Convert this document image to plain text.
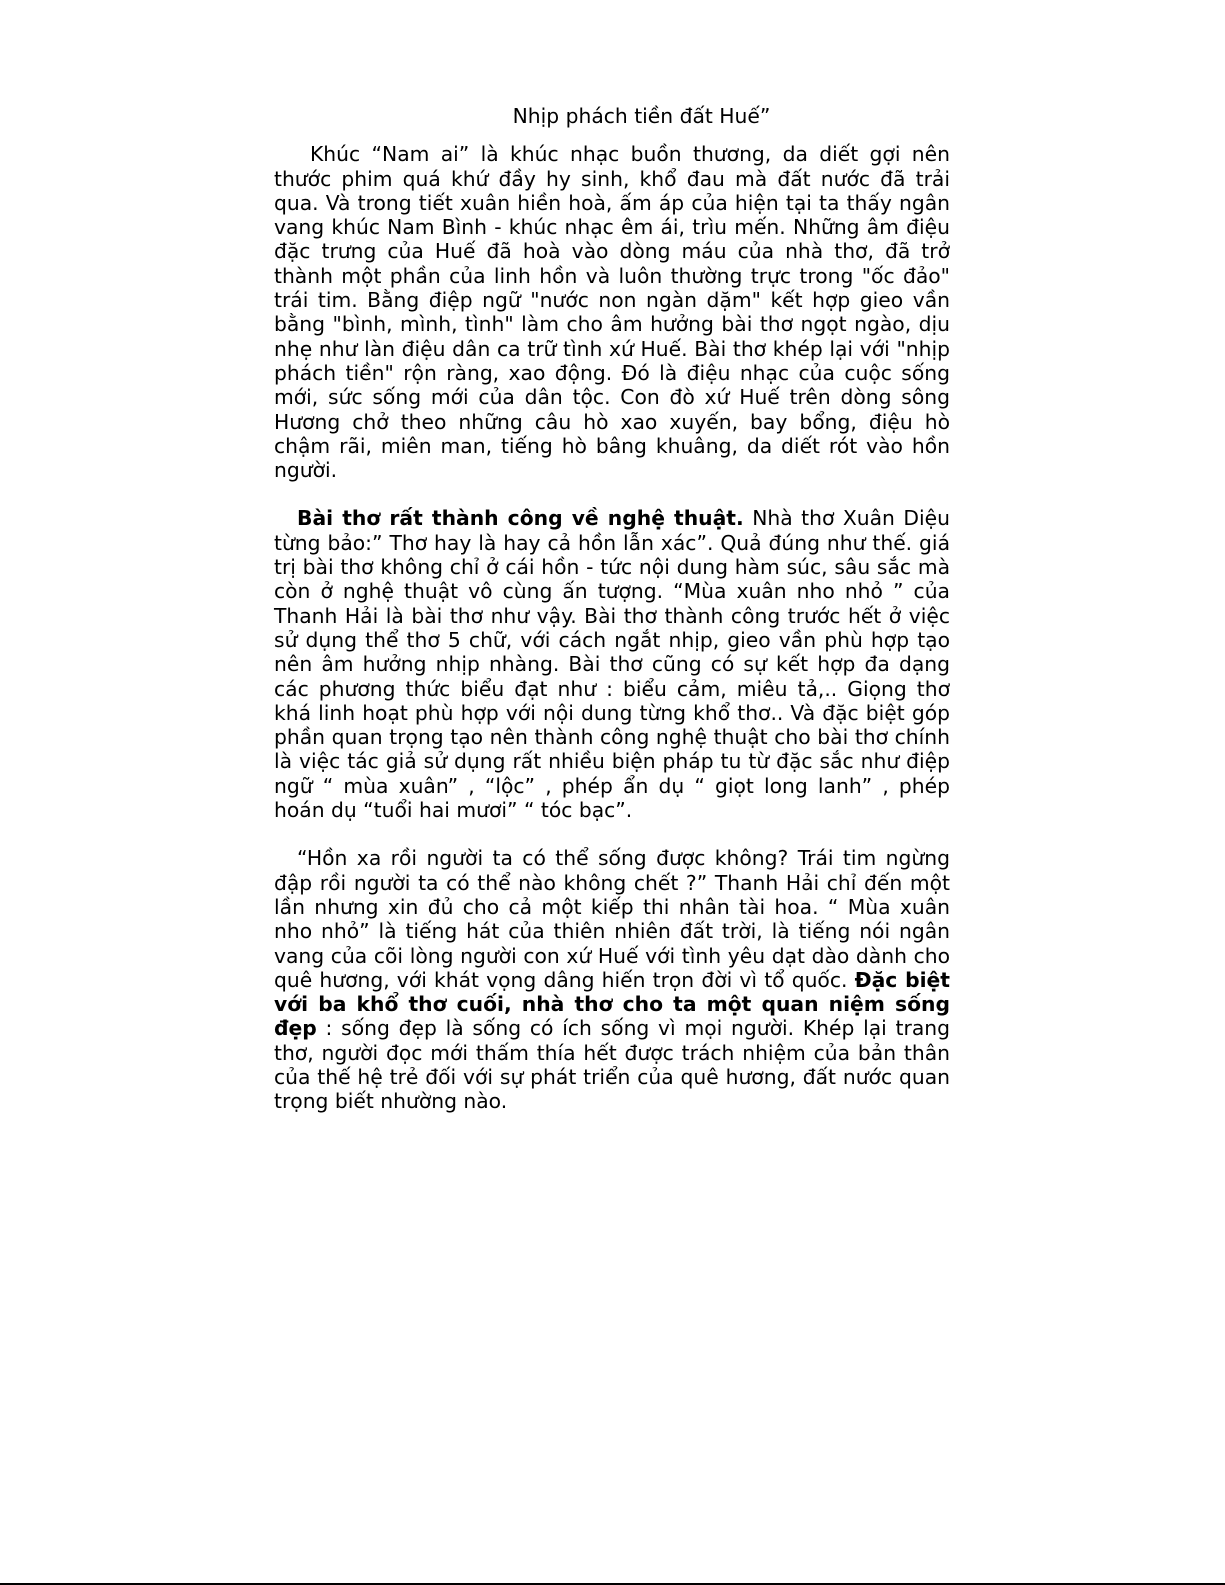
Nhịp phách tiền đất Huế”

Khúc “Nam ai” là khúc nhạc buồn thương, da diết gợi nên thước phim quá khứ đầy hy sinh, khổ đau mà đất nước đã trải qua. Và trong tiết xuân hiền hoà, ấm áp của hiện tại ta thấy ngân vang khúc Nam Bình - khúc nhạc êm ái, trìu mến. Những âm điệu đặc trưng của Huế đã hoà vào dòng máu của nhà thơ, đã trở thành một phần của linh hồn và luôn thường trực trong "ốc đảo" trái tim. Bằng điệp ngữ "nước non ngàn dặm" kết hợp gieo vần bằng "bình, mình, tình" làm cho âm hưởng bài thơ ngọt ngào, dịu nhẹ như làn điệu dân ca trữ tình xứ Huế. Bài thơ khép lại với "nhịp phách tiền" rộn ràng, xao động. Đó là điệu nhạc của cuộc sống mới, sức sống mới của dân tộc. Con đò xứ Huế trên dòng sông Hương chở theo những câu hò xao xuyến, bay bổng, điệu hò chậm rãi, miên man, tiếng hò bâng khuâng, da diết rót vào hồn người.

Bài thơ rất thành công về nghệ thuật. Nhà thơ Xuân Diệu từng bảo:” Thơ hay là hay cả hồn lẫn xác”. Quả đúng như thế. giá trị bài thơ không chỉ ở cái hồn - tức nội dung hàm súc, sâu sắc mà còn ở nghệ thuật vô cùng ấn tượng. “Mùa xuân nho nhỏ ” của Thanh Hải là bài thơ như vậy. Bài thơ thành công trước hết ở việc sử dụng thể thơ 5 chữ, với cách ngắt nhịp, gieo vần phù hợp tạo nên âm hưởng nhịp nhàng. Bài thơ cũng có sự kết hợp đa dạng các phương thức biểu đạt như : biểu cảm, miêu tả,.. Giọng thơ khá linh hoạt phù hợp với nội dung từng khổ thơ.. Và đặc biệt góp phần quan trọng tạo nên thành công nghệ thuật cho bài thơ chính là việc tác giả sử dụng rất nhiều biện pháp tu từ đặc sắc như điệp ngữ “ mùa xuân” , “lộc” , phép ẩn dụ “ giọt long lanh” , phép hoán dụ “tuổi hai mươi” “ tóc bạc”.

“Hồn xa rồi người ta có thể sống được không? Trái tim ngừng đập rồi người ta có thể nào không chết ?” Thanh Hải chỉ đến một lần nhưng xin đủ cho cả một kiếp thi nhân tài hoa. “ Mùa xuân nho nhỏ” là tiếng hát của thiên nhiên đất trời, là tiếng nói ngân vang của cõi lòng người con xứ Huế với tình yêu dạt dào dành cho quê hương, với khát vọng dâng hiến trọn đời vì tổ quốc. Đặc biệt với ba khổ thơ cuối, nhà thơ cho ta một quan niệm sống đẹp : sống đẹp là sống có ích sống vì mọi người. Khép lại trang thơ, người đọc mới thấm thía hết được trách nhiệm của bản thân của thế hệ trẻ đối với sự phát triển của quê hương, đất nước quan trọng biết nhường nào.
